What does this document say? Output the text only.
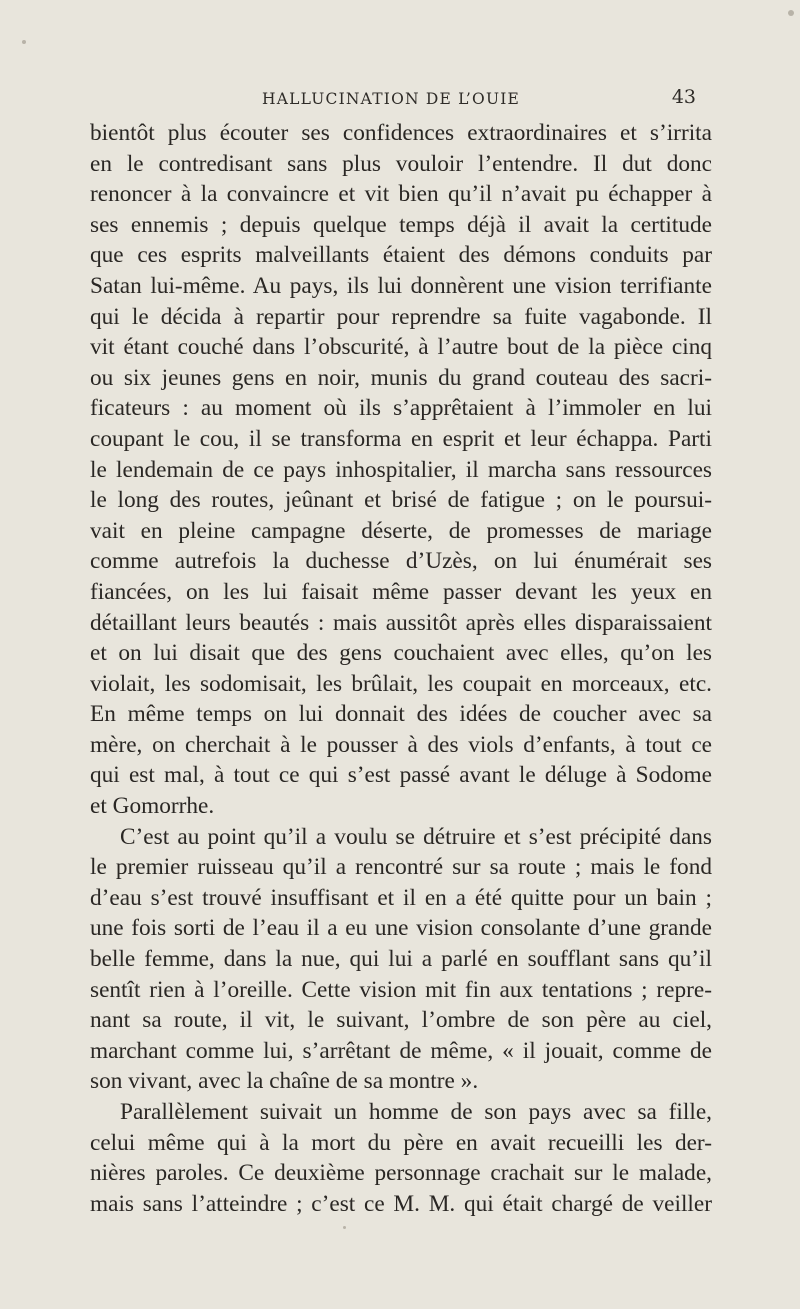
HALLUCINATION DE L’OUIE	43
bientôt plus écouter ses confidences extraordinaires et s’irrita
en le contredisant sans plus vouloir l’entendre. Il dut donc
renoncer à la convaincre et vit bien qu’il n’avait pu échapper à
ses ennemis ; depuis quelque temps déjà il avait la certitude
que ces esprits malveillants étaient des démons conduits par
Satan lui-même. Au pays, ils lui donnèrent une vision terrifiante
qui le décida à repartir pour reprendre sa fuite vagabonde. Il
vit étant couché dans l’obscurité, à l’autre bout de la pièce cinq
ou six jeunes gens en noir, munis du grand couteau des sacri-
ficateurs : au moment où ils s’apprêtaient à l’immoler en lui
coupant le cou, il se transforma en esprit et leur échappa. Parti
le lendemain de ce pays inhospitalier, il marcha sans ressources
le long des routes, jeûnant et brisé de fatigue ; on le poursui-
vait en pleine campagne déserte, de promesses de mariage
comme autrefois la duchesse d’Uzès, on lui énumérait ses
fiancées, on les lui faisait même passer devant les yeux en
détaillant leurs beautés : mais aussitôt après elles disparaissaient
et on lui disait que des gens couchaient avec elles, qu’on les
violait, les sodomisait, les brûlait, les coupait en morceaux, etc.
En même temps on lui donnait des idées de coucher avec sa
mère, on cherchait à le pousser à des viols d’enfants, à tout ce
qui est mal, à tout ce qui s’est passé avant le déluge à Sodome
et Gomorrhe.
C’est au point qu’il a voulu se détruire et s’est précipité dans
le premier ruisseau qu’il a rencontré sur sa route ; mais le fond
d’eau s’est trouvé insuffisant et il en a été quitte pour un bain ;
une fois sorti de l’eau il a eu une vision consolante d’une grande
belle femme, dans la nue, qui lui a parlé en soufflant sans qu’il
sentît rien à l’oreille. Cette vision mit fin aux tentations ; repre-
nant sa route, il vit, le suivant, l’ombre de son père au ciel,
marchant comme lui, s’arrêtant de même, « il jouait, comme de
son vivant, avec la chaîne de sa montre ».
Parallèlement suivait un homme de son pays avec sa fille,
celui même qui à la mort du père en avait recueilli les der-
nières paroles. Ce deuxième personnage crachait sur le malade,
mais sans l’atteindre ; c’est ce M. M. qui était chargé de veiller
